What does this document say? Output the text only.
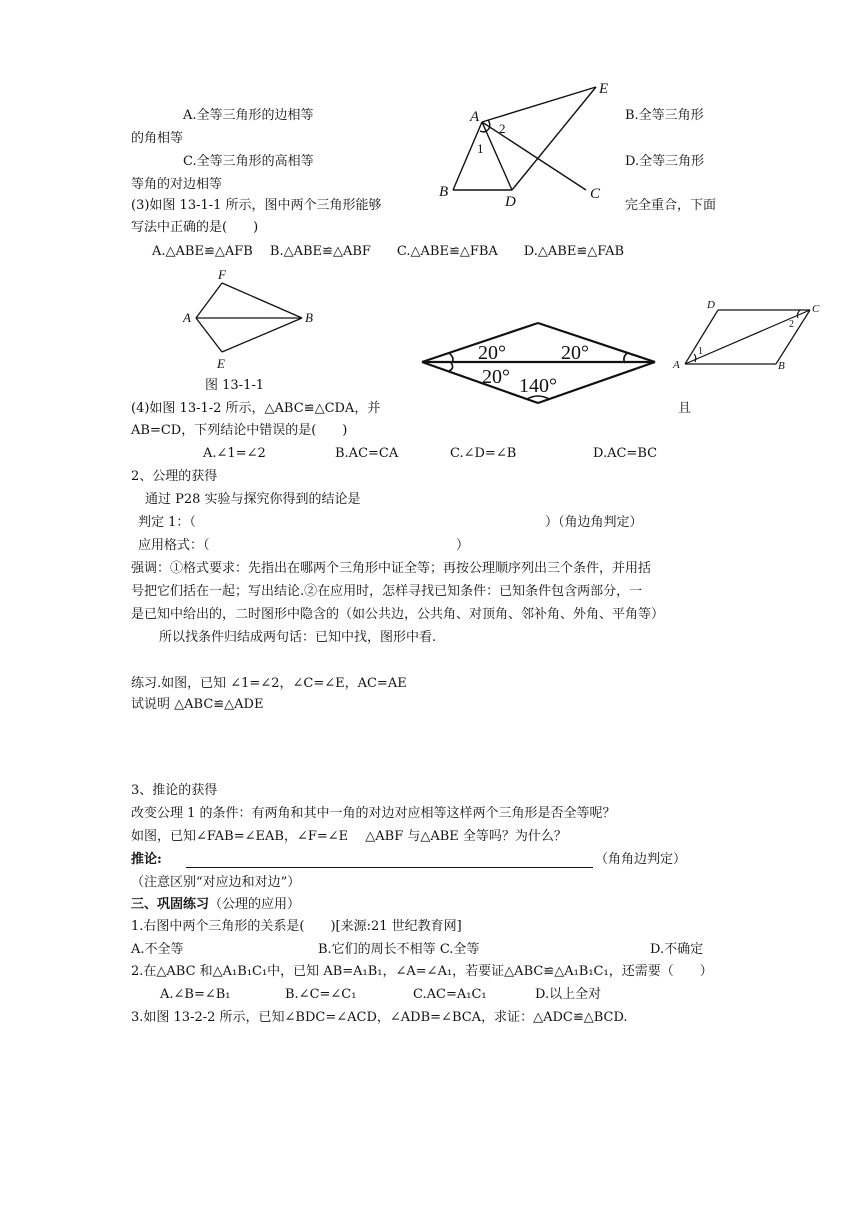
A.全等三角形的边相等	B.全等三角形
的角相等
C.全等三角形的高相等	D.全等三角形
等角的对边相等
(3)如图 13-1-1 所示，图中两个三角形能够	完全重合，下面
写法中正确的是(　　)
A.△ABE≌△AFB　 B.△ABE≌△ABF　　C.△ABE≌△FBA　　D.△ABE≌△FAB
图 13-1-1
(4)如图 13-1-2 所示，△ABC≌△CDA，并	且
AB=CD，下列结论中错误的是(　　)
A.∠1=∠2	B.AC=CA	C.∠D=∠B	D.AC=BC
2、公理的获得
通过 P28 实验与探究你得到的结论是
判定 1：（	）（角边角判定）
应用格式：（	）
强调：①格式要求：先指出在哪两个三角形中证全等；再按公理顺序列出三个条件，并用括
号把它们括在一起；写出结论.②在应用时，怎样寻找已知条件：已知条件包含两部分，一
是已知中给出的，二时图形中隐含的（如公共边，公共角、对顶角、邻补角、外角、平角等）
所以找条件归结成两句话：已知中找，图形中看.
练习.如图，已知 ∠1=∠2，∠C=∠E，AC=AE
试说明 △ABC≌△ADE
3、推论的获得
改变公理 1 的条件：有两角和其中一角的对边对应相等这样两个三角形是否全等呢？
如图，已知∠FAB=∠EAB，∠F=∠E　 △ABF 与△ABE 全等吗？为什么？
推论:	（角角边判定）
（注意区别“对应边和对边”）
三、巩固练习（公理的应用）
1.右图中两个三角形的关系是(　　)[来源:21 世纪教育网]
A.不全等	B.它们的周长不相等 C.全等	D.不确定
2.在△ABC 和△A₁B₁C₁中，已知 AB=A₁B₁，∠A=∠A₁，若要证△ABC≌△A₁B₁C₁，还需要（　　）
A.∠B=∠B₁	B.∠C=∠C₁	C.AC=A₁C₁	D.以上全对
3.如图 13-2-2 所示，已知∠BDC=∠ACD，∠ADB=∠BCA，求证：△ADC≌△BCD.
A
E
B
D	C
1
2
F
A	B
E	20°	20°
20° 140°
D	C
A	B
1
2
